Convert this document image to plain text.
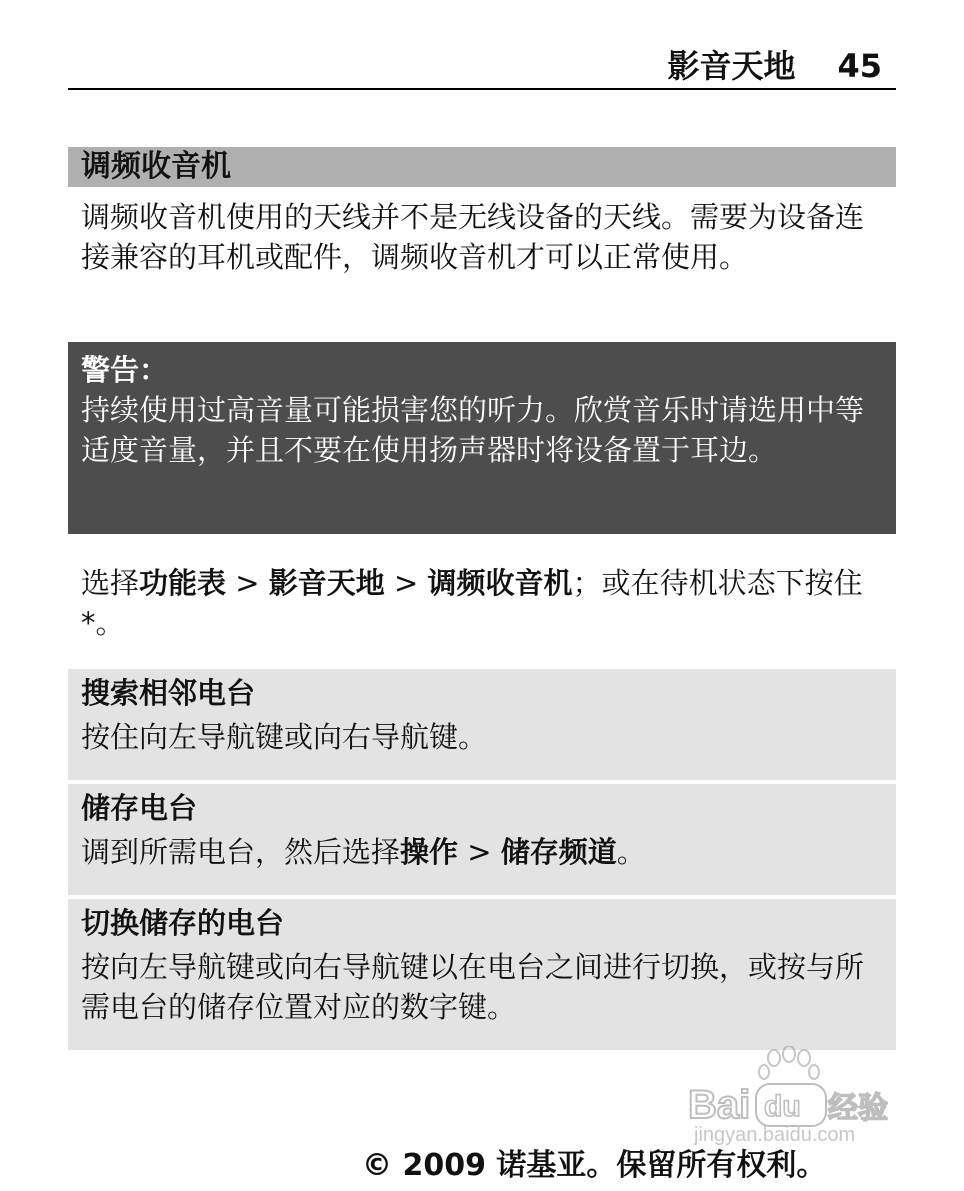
影音天地 45
调频收音机
调频收音机使用的天线并不是无线设备的天线。需要为设备连接兼容的耳机或配件，调频收音机才可以正常使用。
警告：
持续使用过高音量可能损害您的听力。欣赏音乐时请选用中等适度音量，并且不要在使用扬声器时将设备置于耳边。
选择功能表 > 影音天地 > 调频收音机；或在待机状态下按住 *。
搜索相邻电台
按住向左导航键或向右导航键。
储存电台
调到所需电台，然后选择操作 > 储存频道。
切换储存的电台
按向左导航键或向右导航键以在电台之间进行切换，或按与所需电台的储存位置对应的数字键。
Bai du 经验
jingyan.baidu.com
© 2009 诺基亚。保留所有权利。
